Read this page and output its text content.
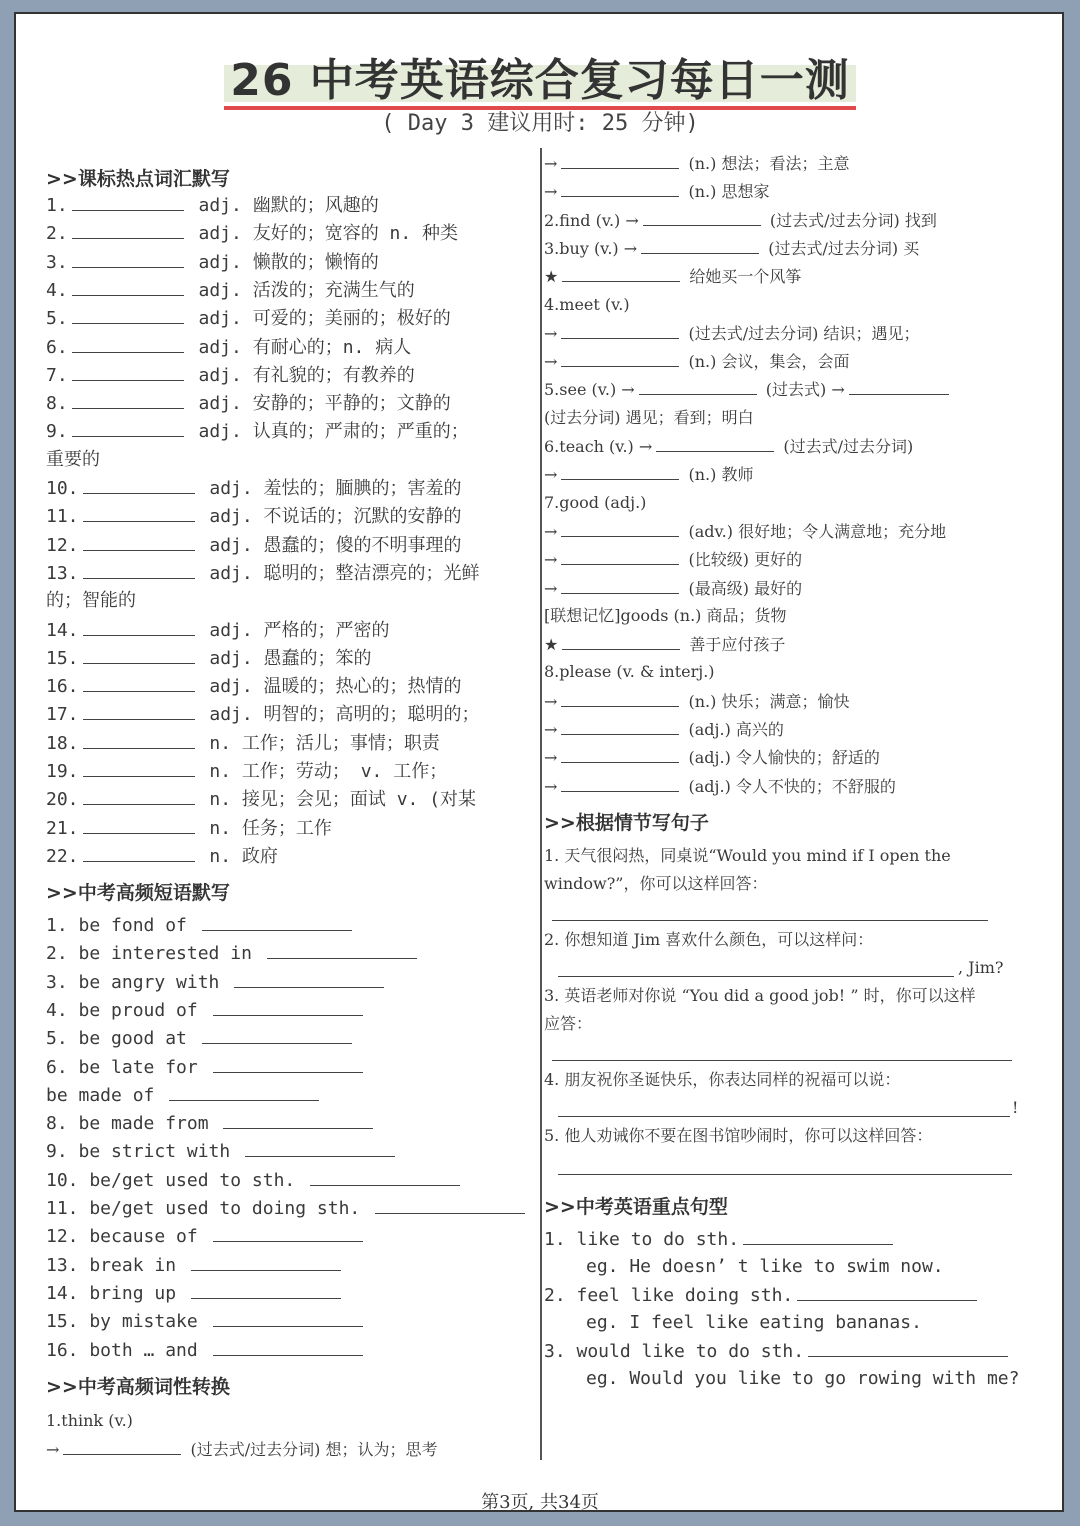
26 中考英语综合复习每日一测
( Day 3 建议用时: 25 分钟)
>>课标热点词汇默写
1.	adj. 幽默的；风趣的
2.	adj. 友好的；宽容的 n. 种类
3.	adj. 懒散的；懒惰的
4.	adj. 活泼的；充满生气的
5.	adj. 可爱的；美丽的；极好的
6.	adj. 有耐心的；n. 病人
7.	adj. 有礼貌的；有教养的
8.	adj. 安静的；平静的；文静的
9.	adj. 认真的；严肃的；严重的；
重要的
10.	adj. 羞怯的；腼腆的；害羞的
11.	adj. 不说话的；沉默的安静的
12.	adj. 愚蠢的；傻的不明事理的
13.	adj. 聪明的；整洁漂亮的；光鲜
的；智能的
14.	adj. 严格的；严密的
15.	adj. 愚蠢的；笨的
16.	adj. 温暖的；热心的；热情的
17.	adj. 明智的；高明的；聪明的；
18.	n. 工作；活儿；事情；职责
19.	n. 工作；劳动； v. 工作；
20.	n. 接见；会见；面试 v. (对某
21.	n. 任务；工作
22.	n. 政府
>>中考高频短语默写
1. be fond of
2. be interested in
3. be angry with
4. be proud of
5. be good at
6. be late for
be made of
8. be made from
9. be strict with
10. be/get used to sth.
11. be/get used to doing sth.
12. because of
13. break in
14. bring up
15. by mistake
16. both … and
>>中考高频词性转换
1.think (v.)
→	(过去式/过去分词) 想；认为；思考
→	(n.) 想法；看法；主意
→	(n.) 思想家
2.find (v.) →	(过去式/过去分词) 找到
3.buy (v.) →	(过去式/过去分词) 买
★	给她买一个风筝
4.meet (v.)
→	(过去式/过去分词) 结识；遇见；
→	(n.) 会议，集会，会面
5.see (v.) →	(过去式) →
(过去分词) 遇见；看到；明白
6.teach (v.) →	(过去式/过去分词)
→	(n.) 教师
7.good (adj.)
→	(adv.) 很好地；令人满意地；充分地
→	(比较级) 更好的
→	(最高级) 最好的
[联想记忆]goods (n.) 商品；货物
★	善于应付孩子
8.please (v. & interj.)
→	(n.) 快乐；满意；愉快
→	(adj.) 高兴的
→	(adj.) 令人愉快的；舒适的
→	(adj.) 令人不快的；不舒服的
>>根据情节写句子
1. 天气很闷热，同桌说“Would you mind if I open the
window?”，你可以这样回答：
2. 你想知道 Jim 喜欢什么颜色，可以这样问：
, Jim?
3. 英语老师对你说 “You did a good job! ” 时，你可以这样
应答：
4. 朋友祝你圣诞快乐，你表达同样的祝福可以说：
!
5. 他人劝诫你不要在图书馆吵闹时，你可以这样回答：
>>中考英语重点句型
1. like to do sth.
eg. He doesn’ t like to swim now.
2. feel like doing sth.
eg. I feel like eating bananas.
3. would like to do sth.
eg. Would you like to go rowing with me?
第3页, 共34页
